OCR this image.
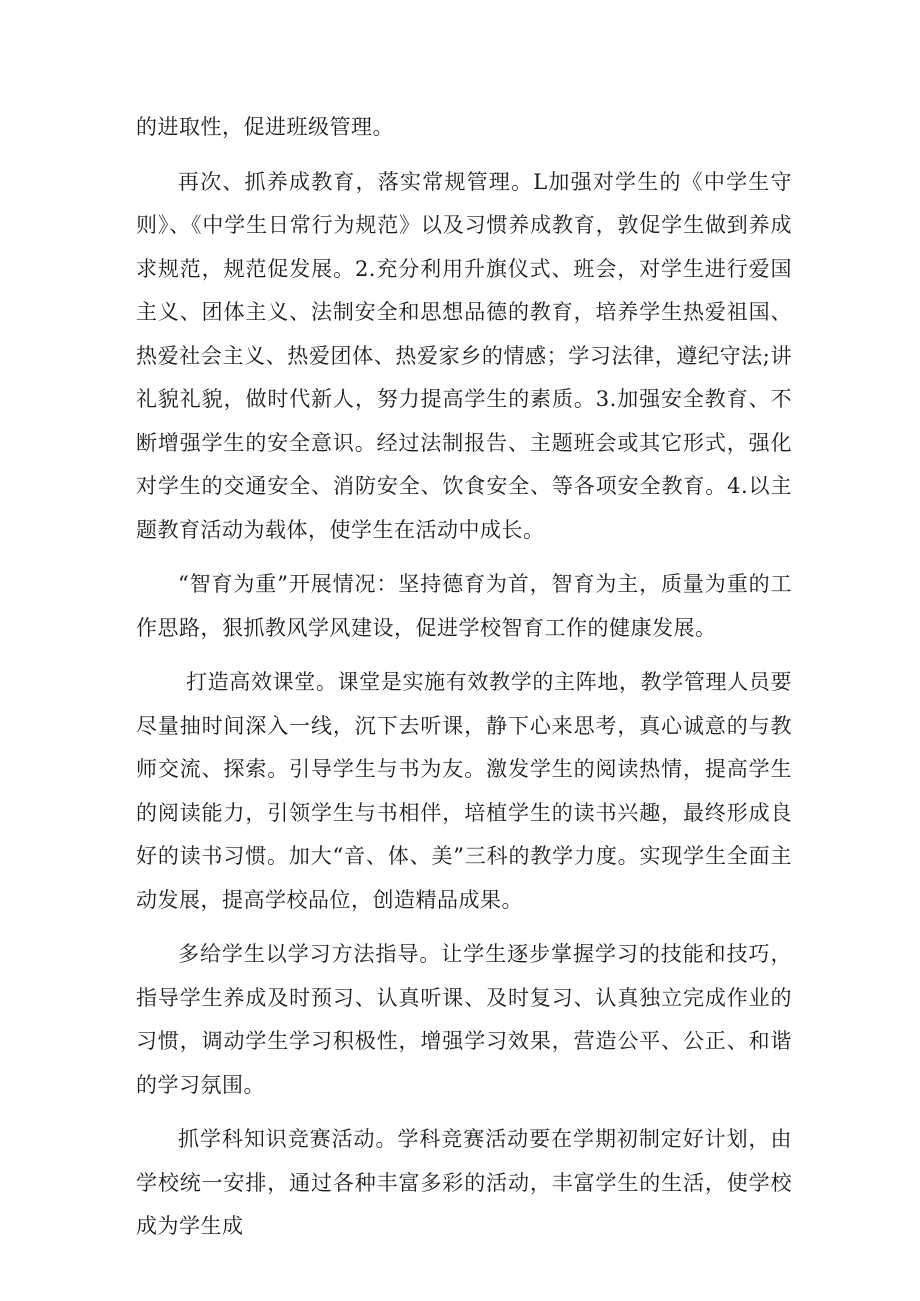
的进取性，促进班级管理。

再次、抓养成教育，落实常规管理。L加强对学生的《中学生守则》、《中学生日常行为规范》以及习惯养成教育，敦促学生做到养成求规范，规范促发展。2.充分利用升旗仪式、班会，对学生进行爱国主义、团体主义、法制安全和思想品德的教育，培养学生热爱祖国、热爱社会主义、热爱团体、热爱家乡的情感；学习法律，遵纪守法;讲礼貌礼貌，做时代新人，努力提高学生的素质。3.加强安全教育、不断增强学生的安全意识。经过法制报告、主题班会或其它形式，强化对学生的交通安全、消防安全、饮食安全、等各项安全教育。4.以主题教育活动为载体，使学生在活动中成长。

“智育为重”开展情况：坚持德育为首，智育为主，质量为重的工作思路，狠抓教风学风建设，促进学校智育工作的健康发展。

打造高效课堂。课堂是实施有效教学的主阵地，教学管理人员要尽量抽时间深入一线，沉下去听课，静下心来思考，真心诚意的与教师交流、探索。引导学生与书为友。激发学生的阅读热情，提高学生的阅读能力，引领学生与书相伴，培植学生的读书兴趣，最终形成良好的读书习惯。加大“音、体、美”三科的教学力度。实现学生全面主动发展，提高学校品位，创造精品成果。

多给学生以学习方法指导。让学生逐步掌握学习的技能和技巧，指导学生养成及时预习、认真听课、及时复习、认真独立完成作业的习惯，调动学生学习积极性，增强学习效果，营造公平、公正、和谐的学习氛围。

抓学科知识竞赛活动。学科竞赛活动要在学期初制定好计划，由学校统一安排，通过各种丰富多彩的活动，丰富学生的生活，使学校成为学生成
